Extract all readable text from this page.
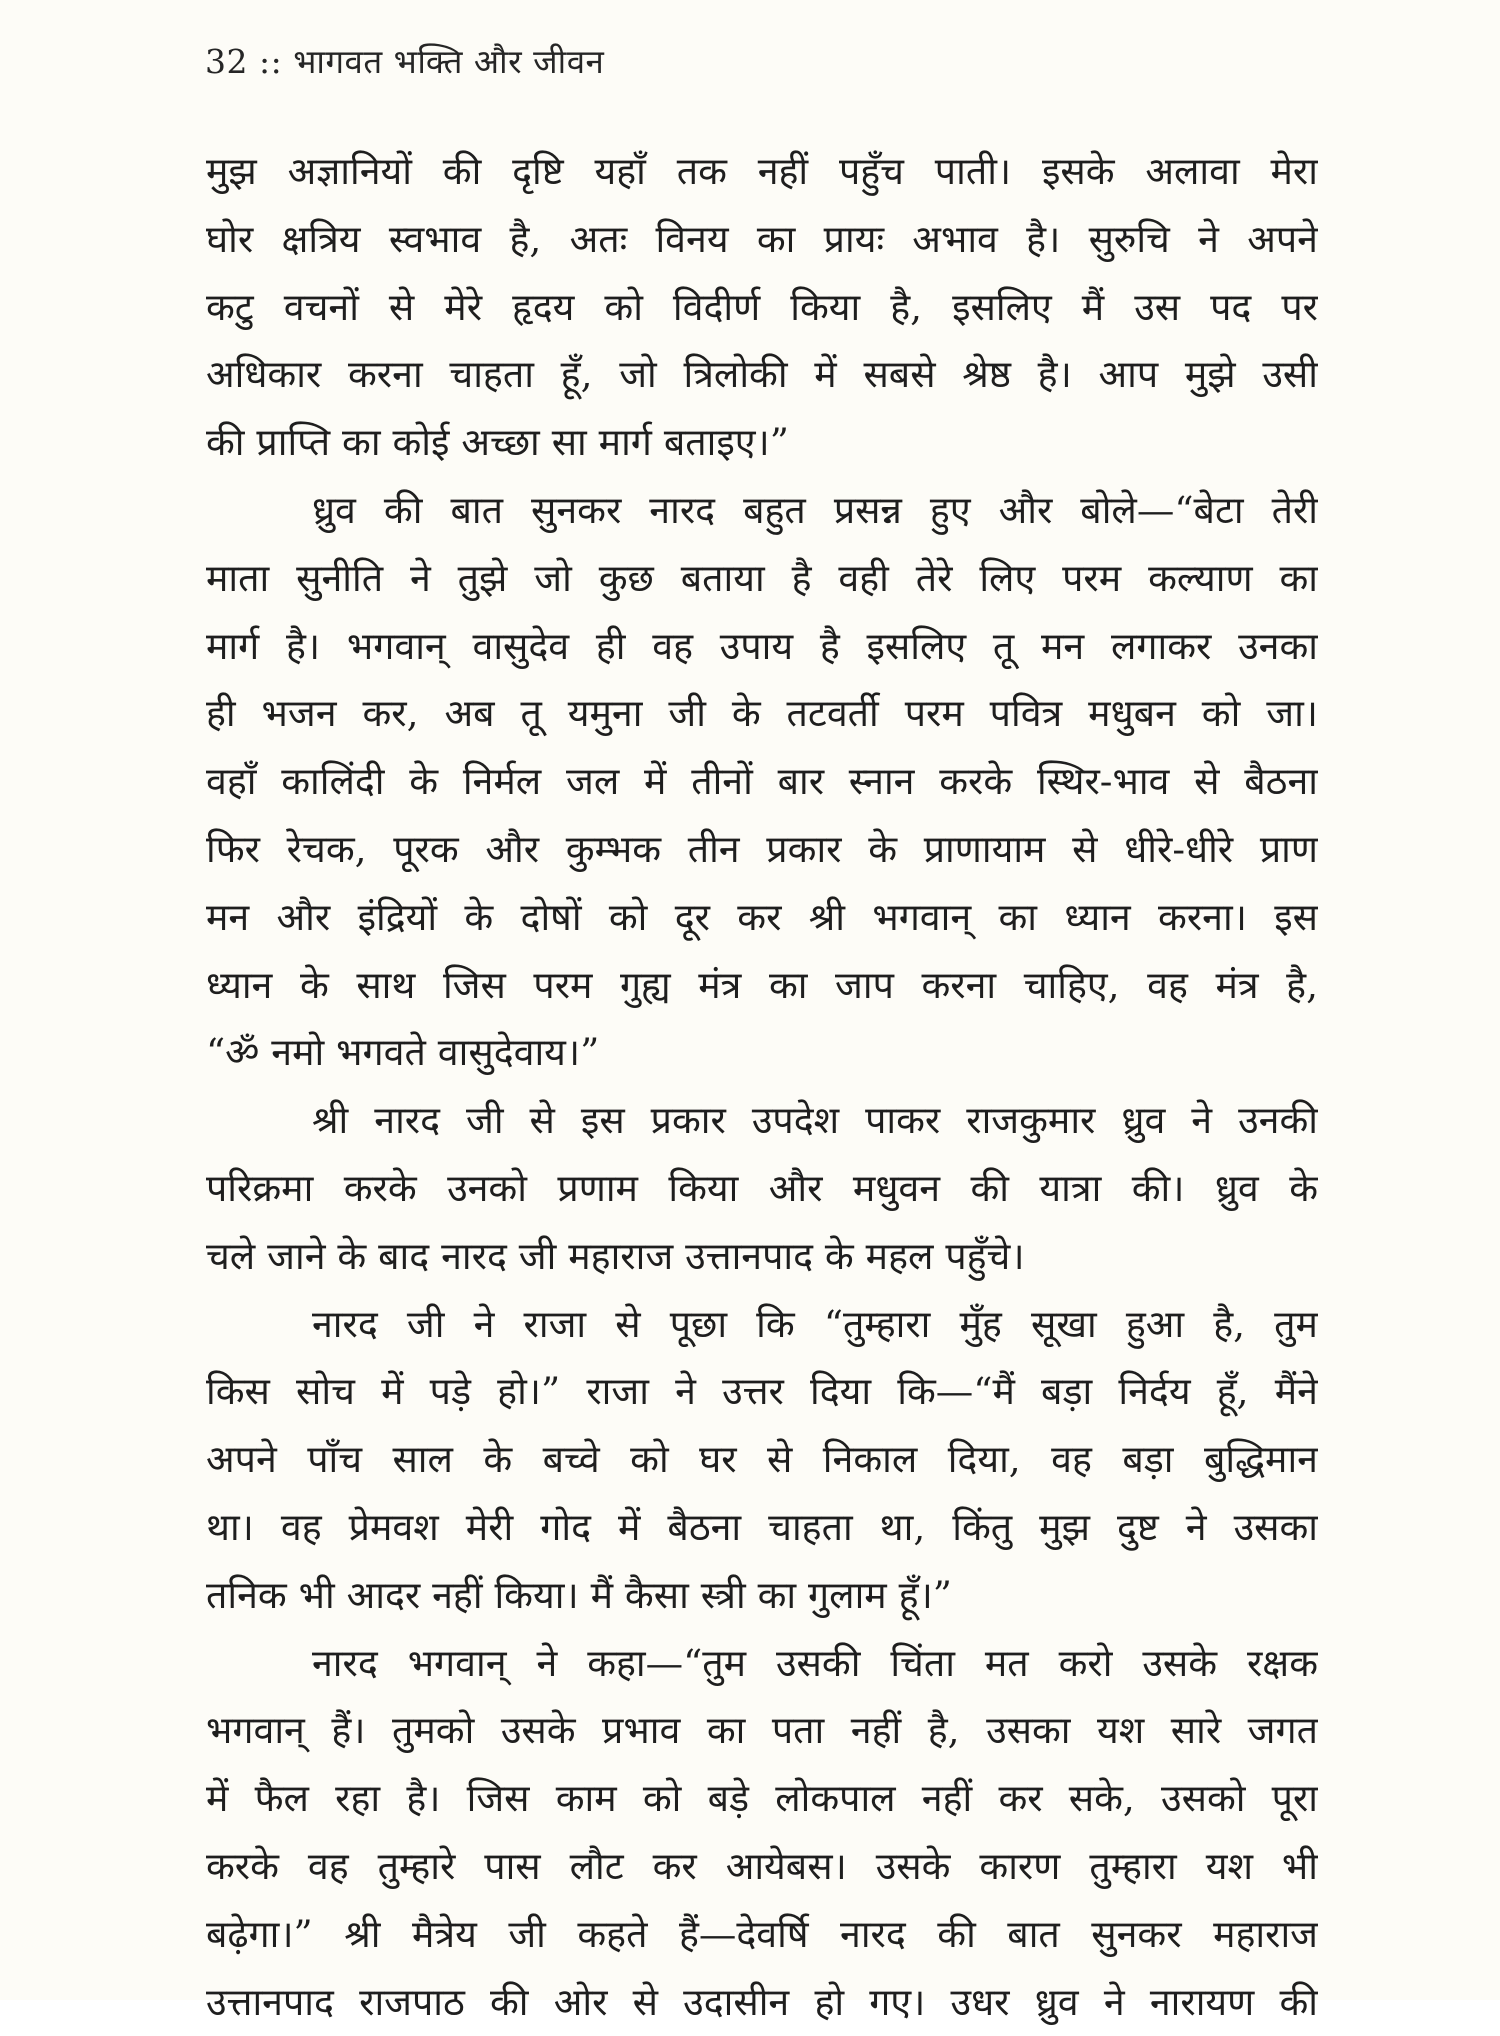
32 :: भागवत भक्ति और जीवन
मुझ अज्ञानियों की दृष्टि यहाँ तक नहीं पहुँच पाती। इसके अलावा मेरा
घोर क्षत्रिय स्वभाव है, अतः विनय का प्रायः अभाव है। सुरुचि ने अपने
कटु वचनों से मेरे हृदय को विदीर्ण किया है, इसलिए मैं उस पद पर
अधिकार करना चाहता हूँ, जो त्रिलोकी में सबसे श्रेष्ठ है। आप मुझे उसी
की प्राप्ति का कोई अच्छा सा मार्ग बताइए।”
ध्रुव की बात सुनकर नारद बहुत प्रसन्न हुए और बोले—“बेटा तेरी
माता सुनीति ने तुझे जो कुछ बताया है वही तेरे लिए परम कल्याण का
मार्ग है। भगवान् वासुदेव ही वह उपाय है इसलिए तू मन लगाकर उनका
ही भजन कर, अब तू यमुना जी के तटवर्ती परम पवित्र मधुबन को जा।
वहाँ कालिंदी के निर्मल जल में तीनों बार स्नान करके स्थिर-भाव से बैठना
फिर रेचक, पूरक और कुम्भक तीन प्रकार के प्राणायाम से धीरे-धीरे प्राण
मन और इंद्रियों के दोषों को दूर कर श्री भगवान् का ध्यान करना। इस
ध्यान के साथ जिस परम गुह्य मंत्र का जाप करना चाहिए, वह मंत्र है,
“ॐ नमो भगवते वासुदेवाय।”
श्री नारद जी से इस प्रकार उपदेश पाकर राजकुमार ध्रुव ने उनकी
परिक्रमा करके उनको प्रणाम किया और मधुवन की यात्रा की। ध्रुव के
चले जाने के बाद नारद जी महाराज उत्तानपाद के महल पहुँचे।
नारद जी ने राजा से पूछा कि “तुम्हारा मुँह सूखा हुआ है, तुम
किस सोच में पड़े हो।” राजा ने उत्तर दिया कि—“मैं बड़ा निर्दय हूँ, मैंने
अपने पाँच साल के बच्वे को घर से निकाल दिया, वह बड़ा बुद्धिमान
था। वह प्रेमवश मेरी गोद में बैठना चाहता था, किंतु मुझ दुष्ट ने उसका
तनिक भी आदर नहीं किया। मैं कैसा स्त्री का गुलाम हूँ।”
नारद भगवान् ने कहा—“तुम उसकी चिंता मत करो उसके रक्षक
भगवान् हैं। तुमको उसके प्रभाव का पता नहीं है, उसका यश सारे जगत
में फैल रहा है। जिस काम को बड़े लोकपाल नहीं कर सके, उसको पूरा
करके वह तुम्हारे पास लौट कर आयेबस। उसके कारण तुम्हारा यश भी
बढ़ेगा।” श्री मैत्रेय जी कहते हैं—देवर्षि नारद की बात सुनकर महाराज
उत्तानपाद राजपाठ की ओर से उदासीन हो गए। उधर ध्रुव ने नारायण की
